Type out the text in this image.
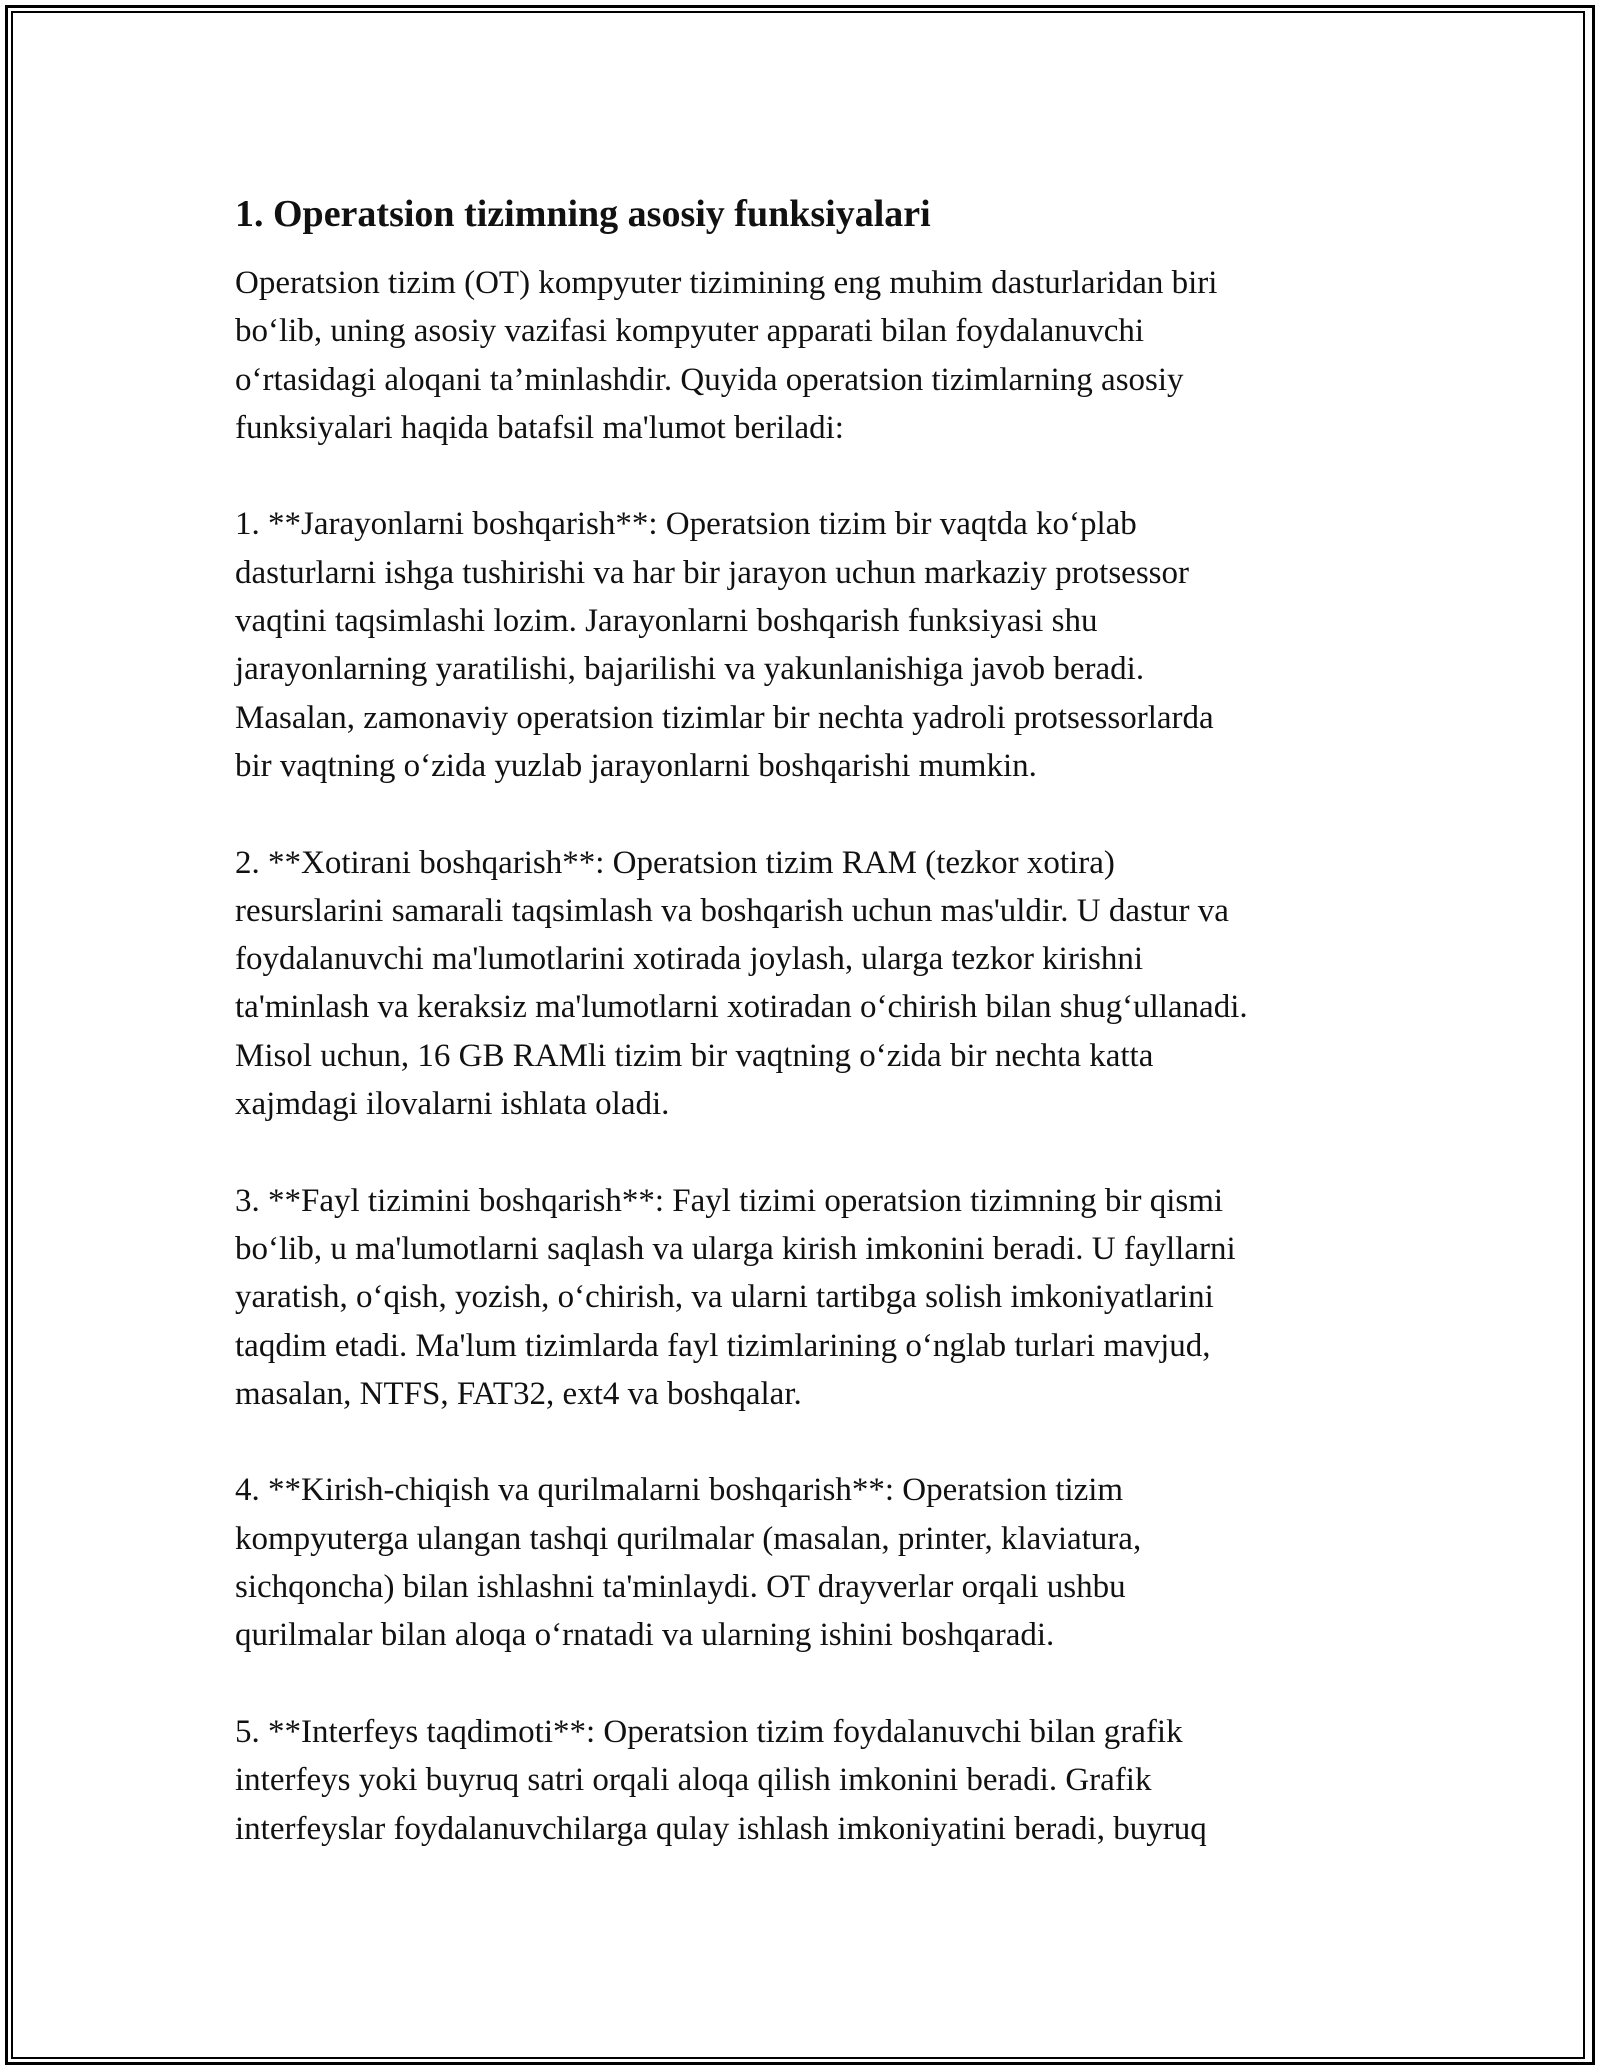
1. Operatsion tizimning asosiy funksiyalari

Operatsion tizim (OT) kompyuter tizimining eng muhim dasturlaridan biri
bo‘lib, uning asosiy vazifasi kompyuter apparati bilan foydalanuvchi
o‘rtasidagi aloqani ta’minlashdir. Quyida operatsion tizimlarning asosiy
funksiyalari haqida batafsil ma'lumot beriladi:

1. **Jarayonlarni boshqarish**: Operatsion tizim bir vaqtda ko‘plab
dasturlarni ishga tushirishi va har bir jarayon uchun markaziy protsessor
vaqtini taqsimlashi lozim. Jarayonlarni boshqarish funksiyasi shu
jarayonlarning yaratilishi, bajarilishi va yakunlanishiga javob beradi.
Masalan, zamonaviy operatsion tizimlar bir nechta yadroli protsessorlarda
bir vaqtning o‘zida yuzlab jarayonlarni boshqarishi mumkin.

2. **Xotirani boshqarish**: Operatsion tizim RAM (tezkor xotira)
resurslarini samarali taqsimlash va boshqarish uchun mas'uldir. U dastur va
foydalanuvchi ma'lumotlarini xotirada joylash, ularga tezkor kirishni
ta'minlash va keraksiz ma'lumotlarni xotiradan o‘chirish bilan shug‘ullanadi.
Misol uchun, 16 GB RAMli tizim bir vaqtning o‘zida bir nechta katta
xajmdagi ilovalarni ishlata oladi.

3. **Fayl tizimini boshqarish**: Fayl tizimi operatsion tizimning bir qismi
bo‘lib, u ma'lumotlarni saqlash va ularga kirish imkonini beradi. U fayllarni
yaratish, o‘qish, yozish, o‘chirish, va ularni tartibga solish imkoniyatlarini
taqdim etadi. Ma'lum tizimlarda fayl tizimlarining o‘nglab turlari mavjud,
masalan, NTFS, FAT32, ext4 va boshqalar.

4. **Kirish-chiqish va qurilmalarni boshqarish**: Operatsion tizim
kompyuterga ulangan tashqi qurilmalar (masalan, printer, klaviatura,
sichqoncha) bilan ishlashni ta'minlaydi. OT drayverlar orqali ushbu
qurilmalar bilan aloqa o‘rnatadi va ularning ishini boshqaradi.

5. **Interfeys taqdimoti**: Operatsion tizim foydalanuvchi bilan grafik
interfeys yoki buyruq satri orqali aloqa qilish imkonini beradi. Grafik
interfeyslar foydalanuvchilarga qulay ishlash imkoniyatini beradi, buyruq
